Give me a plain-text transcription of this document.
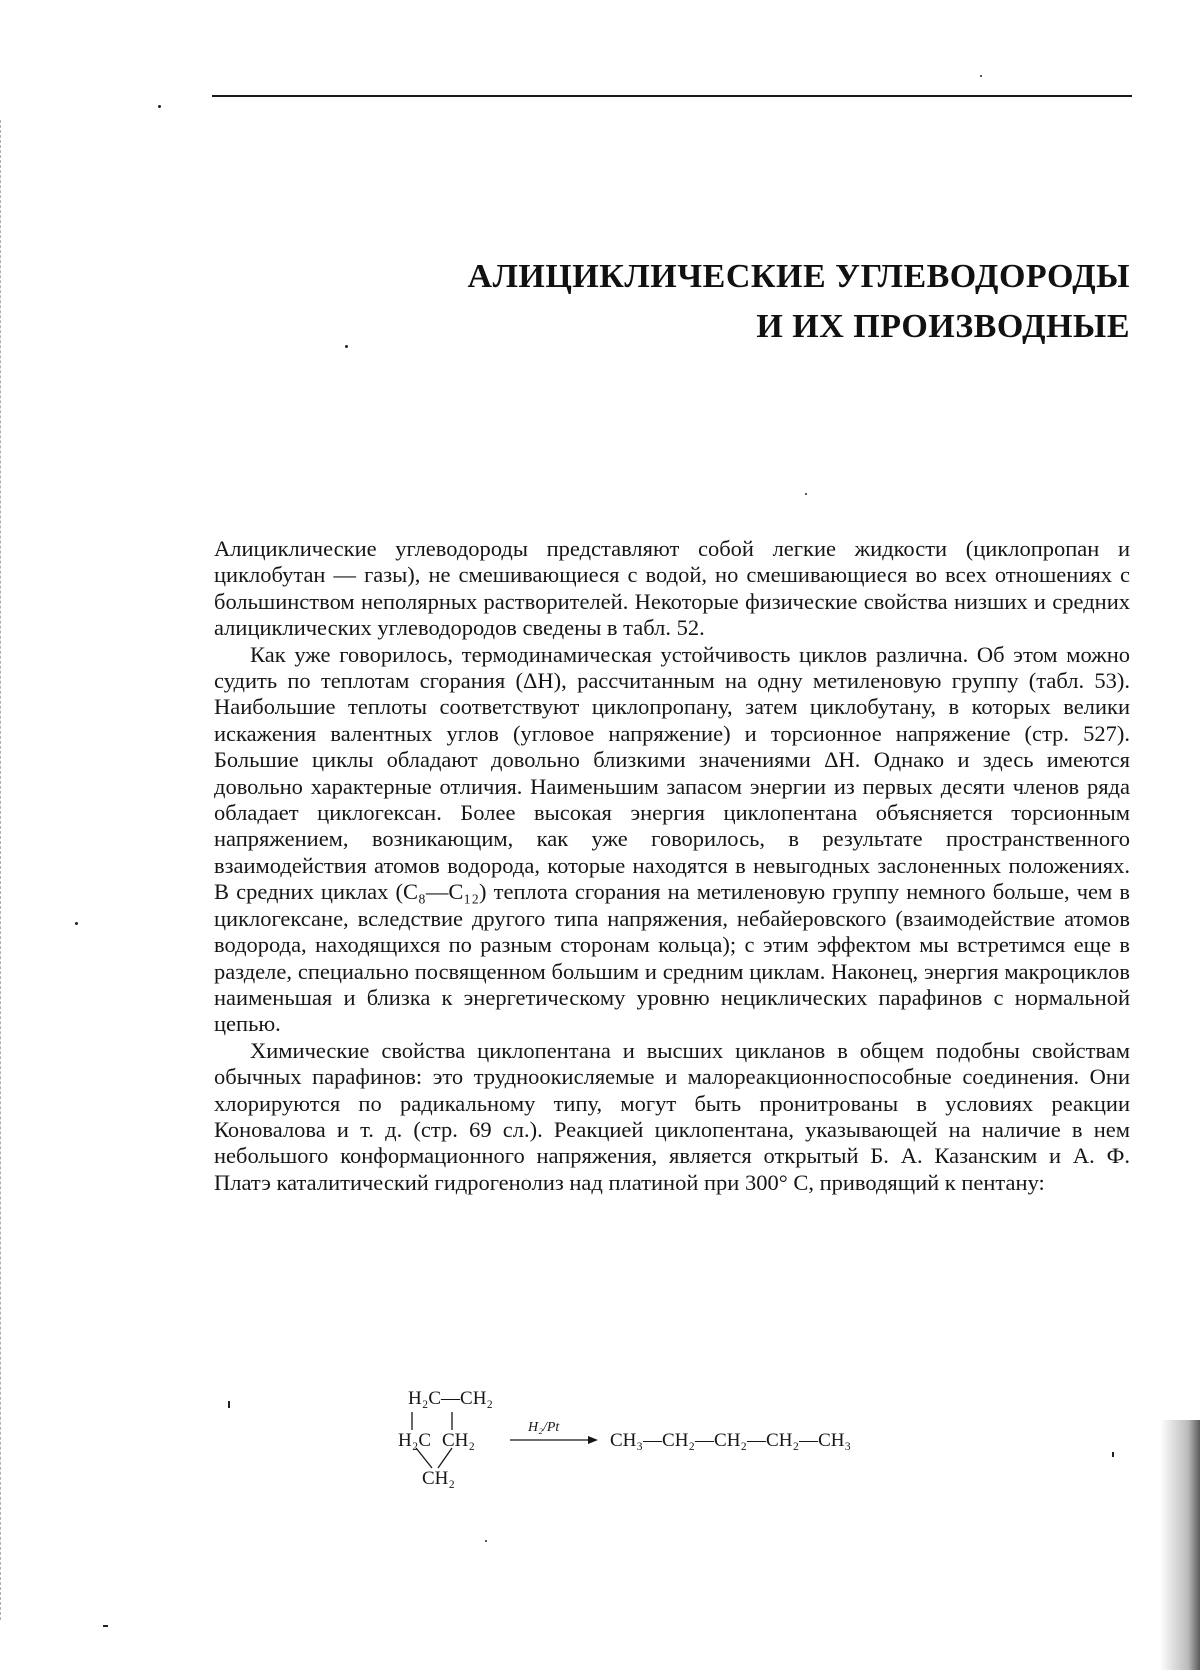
АЛИЦИКЛИЧЕСКИЕ УГЛЕВОДОРОДЫ
И ИХ ПРОИЗВОДНЫЕ

Алициклические углеводороды представляют собой легкие жидкости (циклопропан и циклобутан — газы), не смешивающиеся с водой, но смешивающиеся во всех отношениях с большинством неполярных растворителей. Некоторые физические свойства низших и средних алициклических углеводородов сведены в табл. 52.

Как уже говорилось, термодинамическая устойчивость циклов различна. Об этом можно судить по теплотам сгорания (ΔH), рассчитанным на одну метиленовую группу (табл. 53). Наибольшие теплоты соответствуют циклопропану, затем циклобутану, в которых велики искажения валентных углов (угловое напряжение) и торсионное напряжение (стр. 527). Большие циклы обладают довольно близкими значениями ΔH. Однако и здесь имеются довольно характерные отличия. Наименьшим запасом энергии из первых десяти членов ряда обладает циклогексан. Более высокая энергия циклопентана объясняется торсионным напряжением, возникающим, как уже говорилось, в результате пространственного взаимодействия атомов водорода, которые находятся в невыгодных заслоненных положениях. В средних циклах (C₈—C₁₂) теплота сгорания на метиленовую группу немного больше, чем в циклогексане, вследствие другого типа напряжения, небайеровского (взаимодействие атомов водорода, находящихся по разным сторонам кольца); с этим эффектом мы встретимся еще в разделе, специально посвященном большим и средним циклам. Наконец, энергия макроциклов наименьшая и близка к энергетическому уровню нециклических парафинов с нормальной цепью.

Химические свойства циклопентана и высших цикланов в общем подобны свойствам обычных парафинов: это трудноокисляемые и малореакционноспособные соединения. Они хлорируются по радикальному типу, могут быть пронитрованы в условиях реакции Коновалова и т. д. (стр. 69 сл.). Реакцией циклопентана, указывающей на наличие в нем небольшого конформационного напряжения, является открытый Б. А. Казанским и А. Ф. Платэ каталитический гидрогенолиз над платиной при 300° С, приводящий к пентану:

H₂C—CH₂
H₂C CH₂
CH₂
H₂/Pt
CH₃—CH₂—CH₂—CH₂—CH₃
